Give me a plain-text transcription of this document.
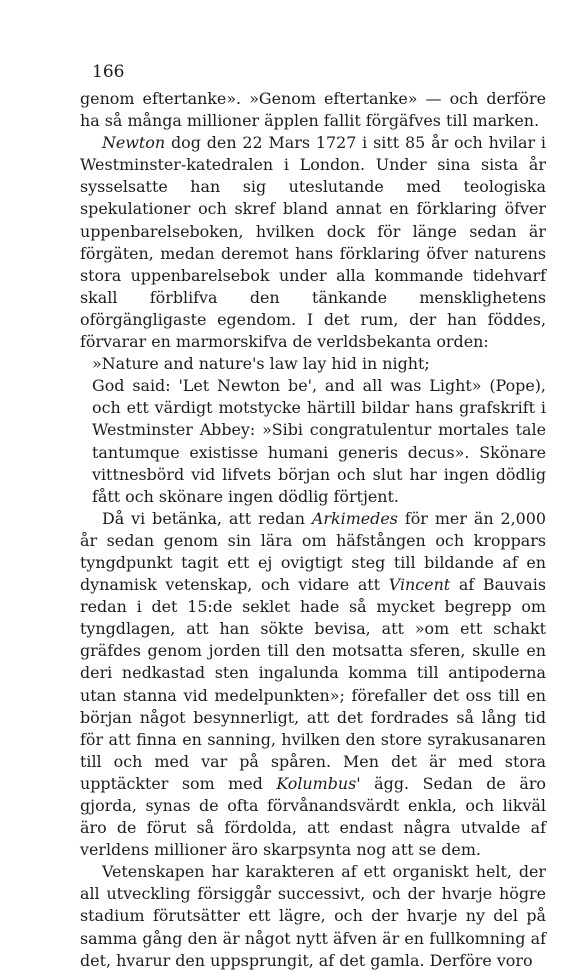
166

genom eftertanke». »Genom eftertanke» — och derföre ha så många millioner äpplen fallit förgäfves till marken.

Newton dog den 22 Mars 1727 i sitt 85 år och hvilar i Westminster-katedralen i London. Under sina sista år sysselsatte han sig uteslutande med teologiska spekulationer och skref bland annat en förklaring öfver uppenbarelseboken, hvilken dock för länge sedan är förgäten, medan deremot hans förklaring öfver naturens stora uppenbarelsebok under alla kommande tidehvarf skall förblifva den tänkande mensklighetens oförgängligaste egendom. I det rum, der han föddes, förvarar en marmorskifva de verldsbekanta orden:

»Nature and nature's law lay hid in night;

God said: 'Let Newton be', and all was Light» (Pope), och ett värdigt motstycke härtill bildar hans grafskrift i Westminster Abbey: »Sibi congratulentur mortales tale tantumque existisse humani generis decus». Skönare vittnesbörd vid lifvets början och slut har ingen dödlig fått och skönare ingen dödlig förtjent.

Då vi betänka, att redan Arkimedes för mer än 2,000 år sedan genom sin lära om häfstången och kroppars tyngdpunkt tagit ett ej ovigtigt steg till bildande af en dynamisk vetenskap, och vidare att Vincent af Bauvais redan i det 15:de seklet hade så mycket begrepp om tyngdlagen, att han sökte bevisa, att »om ett schakt gräfdes genom jorden till den motsatta sferen, skulle en deri nedkastad sten ingalunda komma till antipoderna utan stanna vid medelpunkten»; förefaller det oss till en början något besynnerligt, att det fordrades så lång tid för att finna en sanning, hvilken den store syrakusanaren till och med var på spåren. Men det är med stora upptäckter som med Kolumbus' ägg. Sedan de äro gjorda, synas de ofta förvånandsvärdt enkla, och likväl äro de förut så fördolda, att endast några utvalde af verldens millioner äro skarpsynta nog att se dem.

Vetenskapen har karakteren af ett organiskt helt, der all utveckling försiggår successivt, och der hvarje högre stadium förutsätter ett lägre, och der hvarje ny del på samma gång den är något nytt äfven är en fullkomning af det, hvarur den uppsprungit, af det gamla. Derföre voro
